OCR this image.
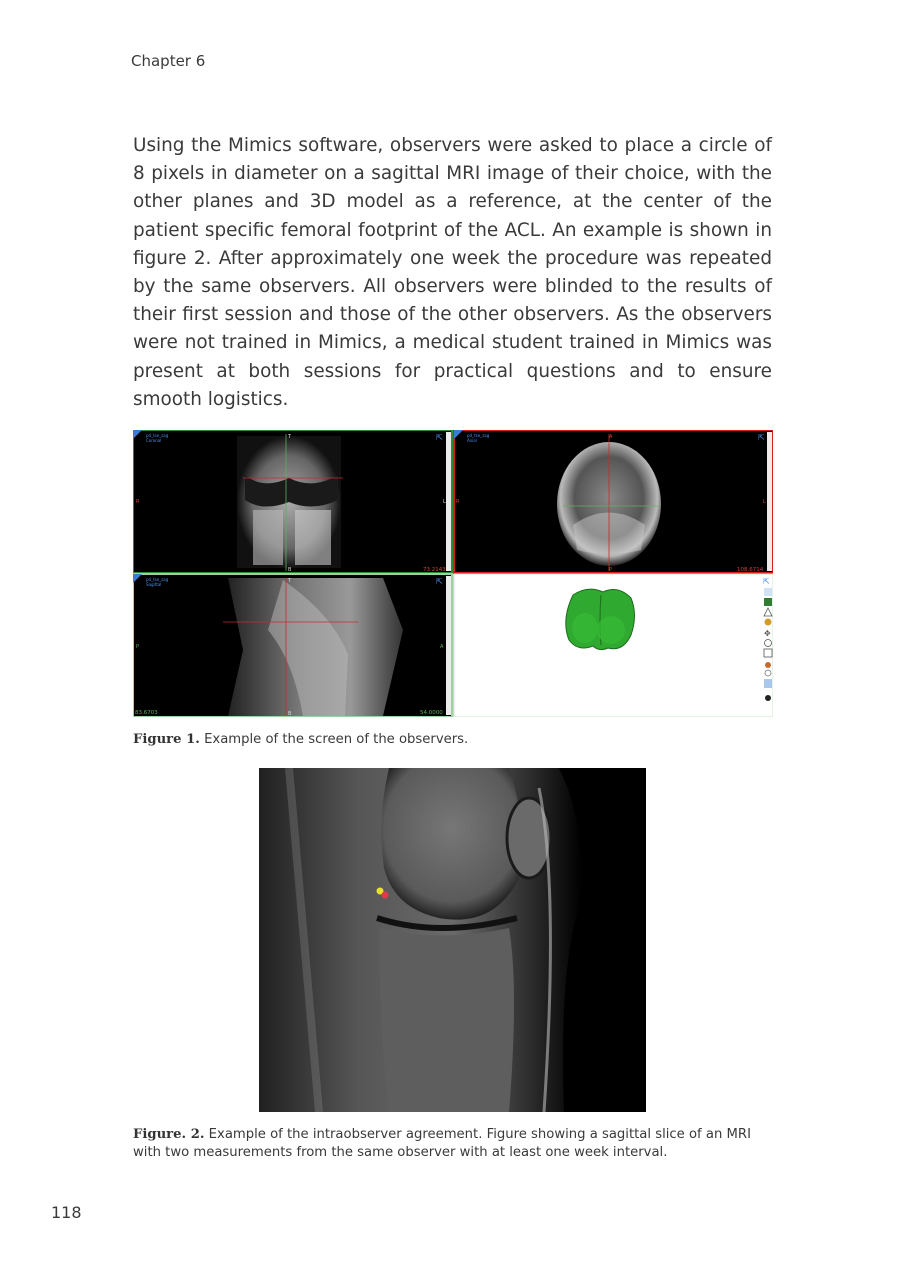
Chapter 6

Using the Mimics software, observers were asked to place a circle of 8 pixels in diameter on a sagittal MRI image of their choice, with the other planes and 3D model as a reference, at the center of the patient specific femoral footprint of the ACL. An example is shown in figure 2. After approximately one week the procedure was repeated by the same observers. All observers were blinded to the results of their first session and those of the other observers. As the observers were not trained in Mimics, a medical student trained in Mimics was present at both sessions for practical questions and to ensure smooth logistics.

pd_tse_sag
Coronal
T
B
R	L
73.2143
⇱	pd_tse_sag
Axial
A
P
R	L
108.6714
⇱
pd_tse_sag
Sagittal
T
B
P	A
83.6703	54.0000
⇱	⇱
✥
Figure 1. Example of the screen of the observers.
Figure. 2. Example of the intraobserver agreement. Figure showing a sagittal slice of an MRI with two measurements from the same observer with at least one week interval.
118
